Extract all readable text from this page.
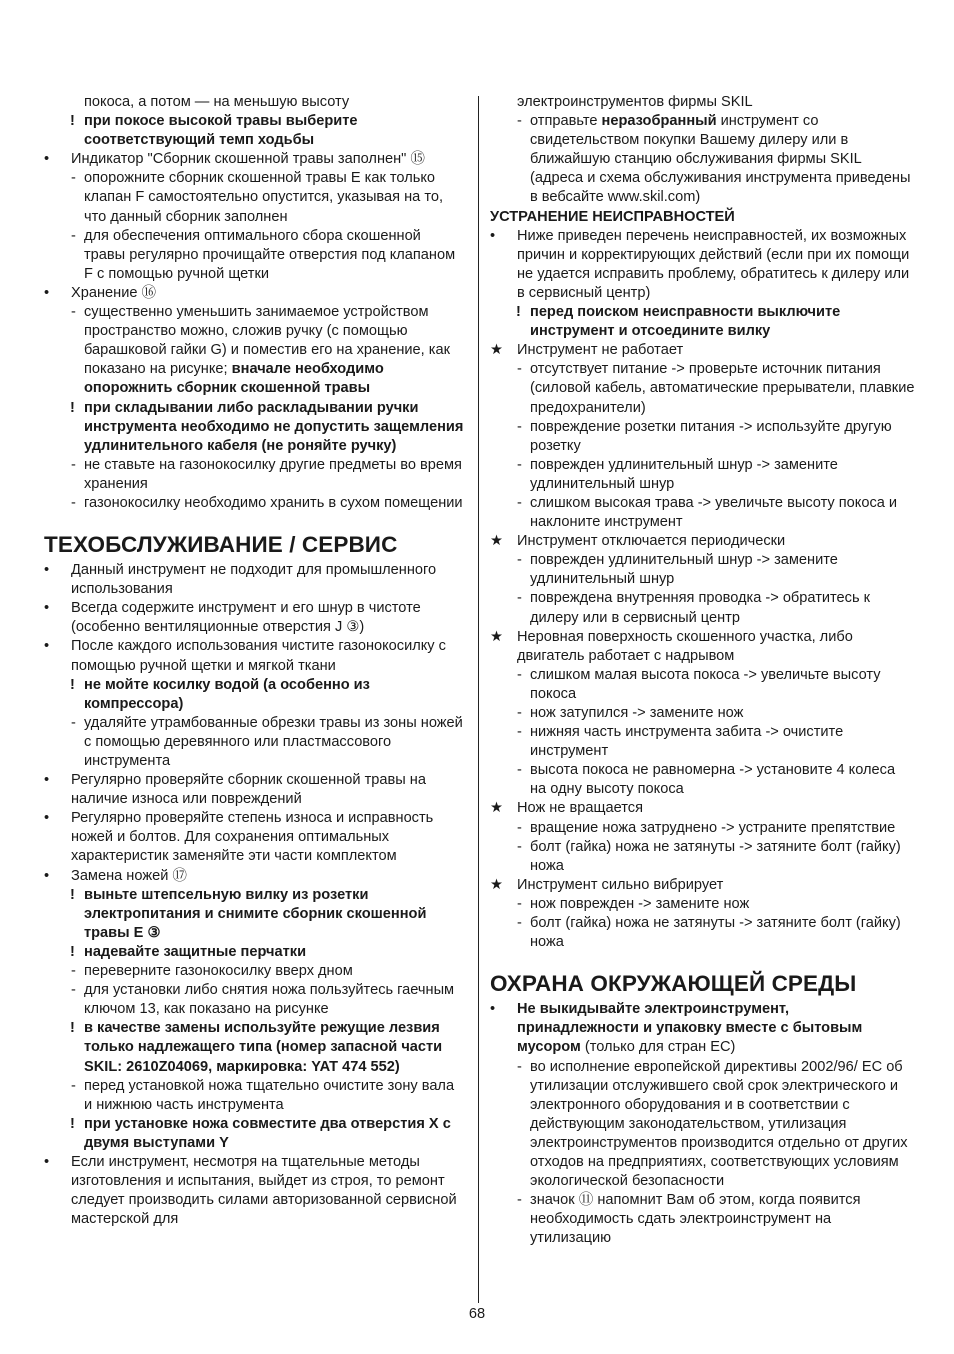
покоса, а потом — на меньшую высоту
! при покосе высокой травы выберите соответствующий темп ходьбы
• Индикатор "Сборник скошенной травы заполнен" ⑮
- опорожните сборник скошенной травы E как только клапан F самостоятельно опустится, указывая на то, что данный сборник заполнен
- для обеспечения оптимального сбора скошенной травы регулярно прочищайте отверстия под клапаном F с помощью ручной щетки
• Хранение ⑯
- существенно уменьшить занимаемое устройством пространство можно, сложив ручку (с помощью барашковой гайки G) и поместив его на хранение, как показано на рисунке; вначале необходимо опорожнить сборник скошенной травы
! при складывании либо раскладывании ручки инструмента необходимо не допустить защемления удлинительного кабеля (не роняйте ручку)
- не ставьте на газонокосилку другие предметы во время хранения
- газонокосилку необходимо хранить в сухом помещении
ТЕХОБСЛУЖИВАНИЕ / СЕРВИС
• Данный инструмент не подходит для промышленного использования
• Всегда содержите инструмент и его шнур в чистоте (особенно вентиляционные отверстия J ③)
• После каждого использования чистите газонокосилку с помощью ручной щетки и мягкой ткани
! не мойте косилку водой (а особенно из компрессора)
- удаляйте утрамбованные обрезки травы из зоны ножей с помощью деревянного или пластмассового инструмента
• Регулярно проверяйте сборник скошенной травы на наличие износа или повреждений
• Регулярно проверяйте степень износа и исправность ножей и болтов. Для сохранения оптимальных характеристик заменяйте эти части комплектом
• Замена ножей ⑰
! выньте штепсельную вилку из розетки электропитания и снимите сборник скошенной травы E ③
! надевайте защитные перчатки
- переверните газонокосилку вверх дном
- для установки либо снятия ножа пользуйтесь гаечным ключом 13, как показано на рисунке
! в качестве замены используйте режущие лезвия только надлежащего типа (номер запасной части SKIL: 2610Z04069, маркировка: YAT 474 552)
- перед установкой ножа тщательно очистите зону вала и нижнюю часть инструмента
! при установке ножа совместите два отверстия X с двумя выступами Y
• Если инструмент, несмотря на тщательные методы изготовления и испытания, выйдет из строя, то ремонт следует производить силами авторизованной сервисной мастерской для
электроинструментов фирмы SKIL
- отправьте неразобранный инструмент со свидетельством покупки Вашему дилеру или в ближайшую станцию обслуживания фирмы SKIL (адреса и схема обслуживания инструмента приведены в вебсайте www.skil.com)
УСТРАНЕНИЕ НЕИСПРАВНОСТЕЙ
• Ниже приведен перечень неисправностей, их возможных причин и корректирующих действий (если при их помощи не удается исправить проблему, обратитесь к дилеру или в сервисный центр)
! перед поиском неисправности выключите инструмент и отсоедините вилку
★ Инструмент не работает
- отсутствует питание -> проверьте источник питания (силовой кабель, автоматические прерыватели, плавкие предохранители)
- повреждение розетки питания -> используйте другую розетку
- поврежден удлинительный шнур -> замените удлинительный шнур
- слишком высокая трава -> увеличьте высоту покоса и наклоните инструмент
★ Инструмент отключается периодически
- поврежден удлинительный шнур -> замените удлинительный шнур
- повреждена внутренняя проводка -> обратитесь к дилеру или в сервисный центр
★ Неровная поверхность скошенного участка, либо двигатель работает с надрывом
- слишком малая высота покоса -> увеличьте высоту покоса
- нож затупился -> замените нож
- нижняя часть инструмента забита -> очистите инструмент
- высота покоса не равномерна -> установите 4 колеса на одну высоту покоса
★ Нож не вращается
- вращение ножа затруднено -> устраните препятствие
- болт (гайка) ножа не затянуты -> затяните болт (гайку) ножа
★ Инструмент сильно вибрирует
- нож поврежден -> замените нож
- болт (гайка) ножа не затянуты -> затяните болт (гайку) ножа
ОХРАНА ОКРУЖАЮЩЕЙ СРЕДЫ
• Не выкидывайте электроинструмент, принадлежности и упаковку вместе с бытовым мусором (только для стран ЕС)
- во исполнение европейской директивы 2002/96/ ЕС об утилизации отслужившего свой срок электрического и электронного оборудования и в соответствии с действующим законодательством, утилизация электроинструментов производится отдельно от других отходов на предприятиях, соответствующих условиям экологической безопасности
- значок ⑪ напомнит Вам об этом, когда появится необходимость сдать электроинструмент на утилизацию
68
